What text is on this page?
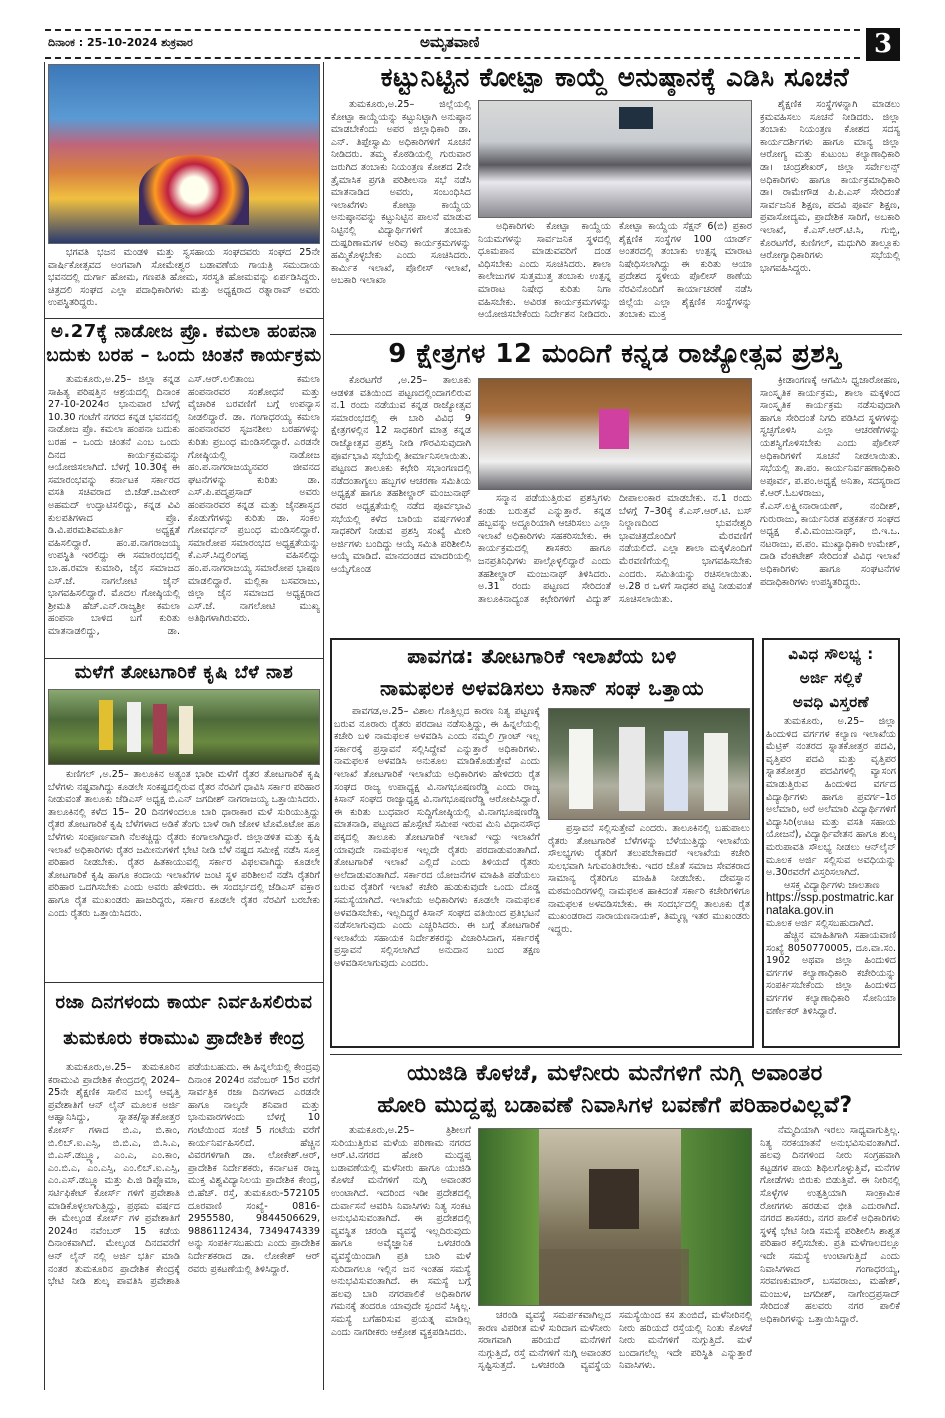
ದಿನಾಂಕ : 25-10-2024 ಶುಕ್ರವಾರ	ಅಮೃತವಾಣಿ	3
ಭಗವತಿ ಭಜನ ಮಂಡಳಿ ಮತ್ತು ಸ್ವಸಹಾಯ ಸಂಘದವರು ಸಂಘದ 25ನೇ ವಾರ್ಷಿಕೋತ್ಸವದ ಅಂಗವಾಗಿ ಸೋಮೇಶ್ವರ ಬಡಾವಣೆಯ ಗಾಯತ್ರಿ ಸಮುದಾಯ ಭವನದಲ್ಲಿ ದುರ್ಗಾ ಹೋಮ, ಗಣಪತಿ ಹೋಮ, ಸರಸ್ವತಿ ಹೋಮವನ್ನು ಏರ್ಪಡಿಸಿದ್ದರು. ಚಿತ್ರದಲಿ ಸಂಘದ ಎಲ್ಲಾ ಪದಾಧಿಕಾರಿಗಳು ಮತ್ತು ಅಧ್ಯಕ್ಷರಾದ ರತ್ನಾರಾವ್ ಅವರು ಉಪಸ್ಥಿತರಿದ್ದರು.
ಅ.27ಕ್ಕೆ ನಾಡೋಜ ಪ್ರೊ. ಕಮಲಾ ಹಂಪನಾ
ಬದುಕು ಬರಹ – ಒಂದು ಚಿಂತನೆ ಕಾರ್ಯಕ್ರಮ
ತುಮಕೂರು,ಅ.25– ಜಿಲ್ಲಾ ಕನ್ನಡ ಸಾಹಿತ್ಯ ಪರಿಷತ್ತಿನ ಆಶ್ರಯದಲ್ಲಿ ದಿನಾಂಕ 27-10-2024ರ ಭಾನುವಾರ ಬೆಳಗ್ಗೆ 10.30 ಗಂಟೆಗೆ ನಗರದ ಕನ್ನಡ ಭವನದಲ್ಲಿ ನಾಡೋಜ ಪ್ರೊ. ಕಮಲಾ ಹಂಪನಾ ಬದುಕು ಬರಹ – ಒಂದು ಚಿಂತನೆ ಎಂಬ ಒಂದು ದಿನದ ಕಾರ್ಯಕ್ರಮವನ್ನು ಆಯೋಜಿಸಲಾಗಿದೆ. ಬೆಳಗ್ಗೆ 10.30ಕ್ಕೆ ಈ ಸಮಾರಂಭವನ್ನು ಕರ್ನಾಟಕ ಸರ್ಕಾರದ ವಸತಿ ಸಚಿವರಾದ ಬಿ.ಜೆಡ್.ಜಮೀರ್ ಅಹಮದ್ ಉದ್ಘಾಟಿಸಲಿದ್ದು, ಕನ್ನಡ ವಿವಿ ಕುಲಪತಿಗಳಾದ ಪ್ರೊ. ಡಿ.ವಿ.ಪರಮಶಿವಮೂರ್ತಿ ಅಧ್ಯಕ್ಷತೆ ವಹಿಸಲಿದ್ದಾರೆ. ಹಂ.ಪ.ನಾಗರಾಜಯ್ಯ ಉಪಸ್ಥಿತಿ ಇರಲಿದ್ದು ಈ ಸಮಾರಂಭದಲ್ಲಿ ಬಾ.ಹ.ರಮಾ ಕುಮಾರಿ, ಜೈನ ಸಮಾಜದ ಎಸ್.ಜೆ. ನಾಗಲೋಟಿ ಜೈನ್ ಭಾಗವಹಿಸಲಿದ್ದಾರೆ. ಮೊದಲ ಗೋಷ್ಠಿಯಲ್ಲಿ ಶ್ರೀಮತಿ ಹೆಚ್.ಎನ್.ರಾಜ್ಯಶ್ರೀ ಕಮಲಾ ಹಂಪನಾ ಬಾಳಿದ ಬಗೆ ಕುರಿತು ಮಾತನಾಡಲಿದ್ದು, ಡಾ. ಎಸ್.ಆರ್.ಲಲಿತಾಂಬ ಕಮಲಾ ಹಂಪನಾರವರ ಸಂಶೋಧನೆ ಮತ್ತು ವೈಚಾರಿಕ ಬರವಣಿಗೆ ಬಗ್ಗೆ ಉಪನ್ಯಾಸ ನೀಡಲಿದ್ದಾರೆ. ಡಾ. ಗಂಗಾಧರಯ್ಯ ಕಮಲಾ ಹಂಪನಾರವರ ಸೃಜನಶೀಲ ಬರಹಗಳನ್ನು ಕುರಿತು ಪ್ರಬಂಧ ಮಂಡಿಸಲಿದ್ದಾರೆ. ಎರಡನೇ ಗೋಷ್ಠಿಯಲ್ಲಿ ನಾಡೋಜ ಹಂ.ಪ.ನಾಗರಾಜಯ್ಯನವರ ಜೀವನದ ಘಟನೆಗಳನ್ನು ಕುರಿತು ಡಾ. ಎಸ್.ಪಿ.ಪದ್ಮಪ್ರಸಾದ್ ಅವರು ಹಂಪನಾರವರ ಕನ್ನಡ ಮತ್ತು ಜೈನಶಾಸ್ತ್ರದ ಕೊಡುಗೆಗಳನ್ನು ಕುರಿತು ಡಾ. ಸಂಕಲ ಗೋವರ್ಧನ್ ಪ್ರಬಂಧ ಮಂಡಿಸಲಿದ್ದಾರೆ. ಸಮಾರೋಪ ಸಮಾರಂಭದ ಅಧ್ಯಕ್ಷತೆಯನ್ನು ಕೆ.ಎಸ್.ಸಿದ್ದಲಿಂಗಪ್ಪ ವಹಿಸಲಿದ್ದು ಹಂ.ಪ.ನಾಗರಾಜಯ್ಯ ಸಮಾರೋಪ ಭಾಷಣ ಮಾಡಲಿದ್ದಾರೆ. ಮಲ್ಲಿಕಾ ಬಸವರಾಜು, ಜಿಲ್ಲಾ ಜೈನ ಸಮಾಜದ ಅಧ್ಯಕ್ಷರಾದ ಎಸ್.ಜೆ. ನಾಗಲೋಟಿ ಮುಖ್ಯ ಅತಿಥಿಗಳಾಗಿರುವರು.
ಮಳೆಗೆ ತೋಟಗಾರಿಕೆ ಕೃಷಿ ಬೆಳೆ ನಾಶ
ಕುಣಿಗಲ್ ,ಅ.25– ತಾಲೂಕಿನ ಅತ್ಯಂತ ಭಾರೀ ಮಳೆಗೆ ರೈತರ ತೋಟಗಾರಿಕೆ ಕೃಷಿ ಬೆಳೆಗಳು ನಷ್ಟವಾಗಿದ್ದು ಕೂಡಲೇ ಸಂಕಷ್ಟದಲ್ಲಿರುವ ರೈತರ ನೆರವಿಗೆ ಧಾವಿಸಿ ಸರ್ಕಾರ ಪರಿಹಾರ ನೀಡುವಂತೆ ತಾಲೂಕು ಜೆಡಿಎಸ್ ಅಧ್ಯಕ್ಷ ಬಿ.ಎನ್ ಜಗದೀಶ್ ನಾಗರಾಜಯ್ಯ ಒತ್ತಾಯಿಸಿದರು. ತಾಲೂಕಿನಲ್ಲಿ ಕಳೆದ 15– 20 ದಿನಗಳಿಂದಲೂ ಬಾರಿ ಧಾರಾಕಾರ ಮಳೆ ಸುರಿಯುತ್ತಿದ್ದು ರೈತರ ತೋಟಗಾರಿಕೆ ಕೃಷಿ ಬೆಳೆಗಳಾದ ಅಡಿಕೆ ತೆಂಗು ಬಾಳೆ ರಾಗಿ ಜೋಳ ಟೊಮೊಟೋ ಹೂ ಬೆಳೆಗಳು ಸಂಪೂರ್ಣವಾಗಿ ನೆಲಕಚ್ಚಿದ್ದು ರೈತರು ಕಂಗಾಲಾಗಿದ್ದಾರೆ. ಜಿಲ್ಲಾಡಳಿತ ಮತ್ತು ಕೃಷಿ ಇಲಾಖೆ ಅಧಿಕಾರಿಗಳು ರೈತರ ಜಮೀನುಗಳಿಗೆ ಭೇಟಿ ನೀಡಿ ಬೆಳೆ ನಷ್ಟದ ಸಮೀಕ್ಷೆ ನಡೆಸಿ ಸೂಕ್ತ ಪರಿಹಾರ ನೀಡಬೇಕು. ರೈತರ ಹಿತಕಾಯುವಲ್ಲಿ ಸರ್ಕಾರ ವಿಫಲವಾಗಿದ್ದು ಕೂಡಲೇ ತೋಟಗಾರಿಕೆ ಕೃಷಿ ಹಾಗೂ ಕಂದಾಯ ಇಲಾಖೆಗಳ ಜಂಟಿ ಸ್ಥಳ ಪರಿಶೀಲನೆ ನಡೆಸಿ ರೈತರಿಗೆ ಪರಿಹಾರ ಒದಗಿಸಬೇಕು ಎಂದು ಅವರು ಹೇಳಿದರು. ಈ ಸಂದರ್ಭದಲ್ಲಿ ಜೆಡಿಎಸ್ ವಕ್ತಾರ ಹಾಗೂ ರೈತ ಮುಖಂಡರು ಹಾಜರಿದ್ದರು, ಸರ್ಕಾರ ಕೂಡಲೇ ರೈತರ ನೆರವಿಗೆ ಬರಬೇಕು ಎಂದು ರೈತರು ಒತ್ತಾಯಿಸಿದರು.
ರಜಾ ದಿನಗಳಂದು ಕಾರ್ಯ ನಿರ್ವಹಿಸಲಿರುವ
ತುಮಕೂರು ಕರಾಮುವಿ ಪ್ರಾದೇಶಿಕ ಕೇಂದ್ರ
ತುಮಕೂರು,ಅ.25– ತುಮಕೂರಿನ ಕರಾಮುವಿ ಪ್ರಾದೇಶಿಕ ಕೇಂದ್ರದಲ್ಲಿ 2024–25ನೇ ಶೈಕ್ಷಣಿಕ ಸಾಲಿನ ಜುಲೈ ಆವೃತ್ತಿ ಪ್ರವೇಶಾತಿಗೆ ಆನ್ ಲೈನ್ ಮೂಲಕ ಅರ್ಜಿ ಆಹ್ವಾನಿಸಿದ್ದು, ಸ್ನಾತಕ/ಸ್ನಾತಕೋತ್ತರ ಕೋರ್ಸ್ ಗಳಾದ ಬಿ.ಎ, ಬಿ.ಕಾಂ, ಬಿ.ಲಿಬ್.ಐ.ಎಸ್ಸಿ, ಬಿ.ಬಿ.ಎ, ಬಿ.ಸಿ.ಎ, ಬಿ.ಎಸ್.ಡಬ್ಲ್ಯೂ, ಎಂ.ಎ, ಎಂ.ಕಾಂ, ಎಂ.ಬಿ.ಎ, ಎಂ.ಎಸ್ಸಿ, ಎಂ.ಲಿಬ್.ಐ.ಎಸ್ಸಿ, ಎಂ.ಎಸ್.ಡಬ್ಲ್ಯೂ ಮತ್ತು ಪಿ.ಜಿ ಡಿಪ್ಲೊಮಾ, ಸರ್ಟಿಫಿಕೇಟ್ ಕೋರ್ಸ್ ಗಳಿಗೆ ಪ್ರವೇಶಾತಿ ಮಾಡಿಕೊಳ್ಳಲಾಗುತ್ತಿದ್ದು, ಪ್ರಥಮ ವರ್ಷದ ಈ ಮೇಲ್ಕಂಡ ಕೋರ್ಸ್ ಗಳ ಪ್ರವೇಶಾತಿಗೆ 2024ರ ನವೆಂಬರ್ 15 ಕಡೆಯ ದಿನಾಂಕವಾಗಿದೆ. ಮೇಲ್ಕಂಡ ದಿನದವರೆಗೆ ಆನ್ ಲೈನ್ ನಲ್ಲಿ ಅರ್ಜಿ ಭರ್ತಿ ಮಾಡಿ ನಂತರ ತುಮಕೂರಿನ ಪ್ರಾದೇಶಿಕ ಕೇಂದ್ರಕ್ಕೆ ಭೇಟಿ ನೀಡಿ ಶುಲ್ಕ ಪಾವತಿಸಿ ಪ್ರವೇಶಾತಿ ಪಡೆಯಬಹುದು. ಈ ಹಿನ್ನಲೆಯಲ್ಲಿ ಕೇಂದ್ರವು ದಿನಾಂಕ 2024ರ ನವೆಂಬರ್ 15ರ ವರೆಗೆ ಸಾರ್ವತ್ರಿಕ ರಜಾ ದಿನಗಳಾದ ಎರಡನೇ ಹಾಗೂ ನಾಲ್ಕನೇ ಶನಿವಾರ ಮತ್ತು ಭಾನುವಾರಗಳಂದು ಬೆಳಗ್ಗೆ 10 ಗಂಟೆಯಿಂದ ಸಂಜೆ 5 ಗಂಟೆಯ ವರೆಗೆ ಕಾರ್ಯನಿರ್ವಹಿಸಲಿದೆ. ಹೆಚ್ಚಿನ ವಿವರಗಳಿಗಾಗಿ ಡಾ. ಲೋಕೇಶ್.ಆರ್, ಪ್ರಾದೇಶಿಕ ನಿರ್ದೇಶಕರು, ಕರ್ನಾಟಕ ರಾಜ್ಯ ಮುಕ್ತ ವಿಶ್ವವಿದ್ಯಾನಿಲಯ ಪ್ರಾದೇಶಿಕ ಕೇಂದ್ರ, ಬಿ.ಹೆಚ್. ರಸ್ತೆ, ತುಮಕೂರು-572105 ದೂರವಾಣಿ ಸಂಖ್ಯೆ- 0816-2955580, 9844506629, 9886112434, 7349474339 ಅನ್ನು ಸಂಪರ್ಕಿಸಬಹುದು ಎಂದು ಪ್ರಾದೇಶಿಕ ನಿರ್ದೇಶಕರಾದ ಡಾ. ಲೋಕೇಶ್ ಆರ್ ರವರು ಪ್ರಕಟಣೆಯಲ್ಲಿ ತಿಳಿಸಿದ್ದಾರೆ.
ಕಟ್ಟುನಿಟ್ಟಿನ ಕೋಟ್ಪಾ ಕಾಯ್ದೆ ಅನುಷ್ಠಾನಕ್ಕೆ ಎಡಿಸಿ ಸೂಚನೆ
ತುಮಕೂರು,ಅ.25– ಜಿಲ್ಲೆಯಲ್ಲಿ ಕೋಟ್ಪಾ ಕಾಯ್ದೆಯನ್ನು ಕಟ್ಟುನಿಟ್ಟಾಗಿ ಅನುಷ್ಠಾನ ಮಾಡಬೇಕೆಂದು ಅಪರ ಜಿಲ್ಲಾಧಿಕಾರಿ ಡಾ. ಎನ್. ತಿಪ್ಪೇಸ್ವಾಮಿ ಅಧಿಕಾರಿಗಳಿಗೆ ಸೂಚನೆ ನೀಡಿದರು. ತಮ್ಮ ಕೊಠಡಿಯಲ್ಲಿ ಗುರುವಾರ ಜರುಗಿದ ತಂಬಾಕು ನಿಯಂತ್ರಣ ಕೋಶದ 2ನೇ ತ್ರೈಮಾಸಿಕ ಪ್ರಗತಿ ಪರಿಶೀಲನಾ ಸಭೆ ನಡೆಸಿ ಮಾತನಾಡಿದ ಅವರು, ಸಂಬಂಧಿಸಿದ ಇಲಾಖೆಗಳು ಕೋಟ್ಪಾ ಕಾಯ್ದೆಯ ಅನುಷ್ಠಾನವನ್ನು ಕಟ್ಟುನಿಟ್ಟಿನ ಪಾಲನೆ ಮಾಡುವ ನಿಟ್ಟಿನಲ್ಲಿ ವಿದ್ಯಾರ್ಥಿಗಳಿಗೆ ತಂಬಾಕು ದುಷ್ಪರಿಣಾಮಗಳ ಅರಿವು ಕಾರ್ಯಕ್ರಮಗಳನ್ನು ಹಮ್ಮಿಕೊಳ್ಳಬೇಕು ಎಂದು ಸೂಚಿಸಿದರು. ಕಾರ್ಮಿಕ ಇಲಾಖೆ, ಪೊಲೀಸ್ ಇಲಾಖೆ, ಅಬಕಾರಿ ಇಲಾಖಾ
ಅಧಿಕಾರಿಗಳು ಕೋಟ್ಪಾ ಕಾಯ್ದೆಯ ನಿಯಮಗಳನ್ನು ಸಾರ್ವಜನಿಕ ಸ್ಥಳದಲ್ಲಿ ಧೂಮಪಾನ ಮಾಡುವವರಿಗೆ ದಂಡ ವಿಧಿಸಬೇಕು ಎಂದು ಸೂಚಿಸಿದರು. ಶಾಲಾ ಕಾಲೇಜುಗಳ ಸುತ್ತಮುತ್ತ ತಂಬಾಕು ಉತ್ಪನ್ನ ಮಾರಾಟ ನಿಷೇಧ ಕುರಿತು ನಿಗಾ ವಹಿಸಬೇಕು. ಅವಿರತ ಕಾರ್ಯಕ್ರಮಗಳನ್ನು ಆಯೋಜಿಸಬೇಕೆಂದು ನಿರ್ದೇಶನ ನೀಡಿದರು. ಕೋಟ್ಪಾ ಕಾಯ್ದೆಯ ಸೆಕ್ಷನ್ 6(ಬಿ) ಪ್ರಕಾರ ಶೈಕ್ಷಣಿಕ ಸಂಸ್ಥೆಗಳ 100 ಯಾರ್ಡ್ ಅಂತರದಲ್ಲಿ ತಂಬಾಕು ಉತ್ಪನ್ನ ಮಾರಾಟ ನಿಷೇಧಿಸಲಾಗಿದ್ದು ಈ ಕುರಿತು ಆಯಾ ಪ್ರದೇಶದ ಸ್ಥಳೀಯ ಪೊಲೀಸ್ ಠಾಣೆಯ ನೆರವಿನೊಂದಿಗೆ ಕಾರ್ಯಾಚರಣೆ ನಡೆಸಿ ಜಿಲ್ಲೆಯ ಎಲ್ಲಾ ಶೈಕ್ಷಣಿಕ ಸಂಸ್ಥೆಗಳನ್ನು ತಂಬಾಕು ಮುಕ್ತ
ಶೈಕ್ಷಣಿಕ ಸಂಸ್ಥೆಗಳನ್ನಾಗಿ ಮಾಡಲು ಕ್ರಮವಹಿಸಲು ಸೂಚನೆ ನೀಡಿದರು. ಜಿಲ್ಲಾ ತಂಬಾಕು ನಿಯಂತ್ರಣ ಕೋಶದ ಸದಸ್ಯ ಕಾರ್ಯದರ್ಶಿಗಳು ಹಾಗೂ ಮಾನ್ಯ ಜಿಲ್ಲಾ ಆರೋಗ್ಯ ಮತ್ತು ಕುಟುಂಬ ಕಲ್ಯಾಣಾಧಿಕಾರಿ ಡಾ। ಚಂದ್ರಶೇಖರ್, ಜಿಲ್ಲಾ ಸರ್ವೇಲನ್ಸ್ ಅಧಿಕಾರಿಗಳು ಹಾಗೂ ಕಾರ್ಯಕ್ರಮಾಧಿಕಾರಿ ಡಾ। ರಾಮೇಗೌಡ ಪಿ.ಪಿ.ಎಸ್ ಸೇರಿದಂತೆ ಸಾರ್ವಜನಿಕ ಶಿಕ್ಷಣ, ಪದವಿ ಪೂರ್ವ ಶಿಕ್ಷಣ, ಪ್ರವಾಸೋದ್ಯಮ, ಪ್ರಾದೇಶಿಕ ಸಾರಿಗೆ, ಅಬಕಾರಿ ಇಲಾಖೆ, ಕೆ.ಎಸ್.ಆರ್.ಟಿ.ಸಿ, ಗುಬ್ಬಿ, ಕೊರಟಗೆರೆ, ಕುಣಿಗಲ್, ಮಧುಗಿರಿ ತಾಲ್ಲೂಕು ಆರೋಗ್ಯಾಧಿಕಾರಿಗಳು ಸಭೆಯಲ್ಲಿ ಭಾಗವಹಿಸಿದ್ದರು.
9 ಕ್ಷೇತ್ರಗಳ 12 ಮಂದಿಗೆ ಕನ್ನಡ ರಾಜ್ಯೋತ್ಸವ ಪ್ರಶಸ್ತಿ
ಕೊರಟಗೆರೆ ,ಅ.25– ತಾಲೂಕು ಆಡಳಿತ ವತಿಯಿಂದ ಪಟ್ಟಣದಲ್ಲಿಂದಾಗಲಿರುವ ನ.1 ರಂದು ನಡೆಯುವ ಕನ್ನಡ ರಾಜ್ಯೋತ್ಸವ ಸಮಾರಂಭದಲ್ಲಿ ಈ ಬಾರಿ ವಿವಿಧ 9 ಕ್ಷೇತ್ರಗಳಲ್ಲಿನ 12 ಸಾಧಕರಿಗೆ ಮಾತ್ರ ಕನ್ನಡ ರಾಜ್ಯೋತ್ಸವ ಪ್ರಶಸ್ತಿ ನೀಡಿ ಗೌರವಿಸುವುದಾಗಿ ಪೂರ್ವಭಾವಿ ಸಭೆಯಲ್ಲಿ ತೀರ್ಮಾನಿಸಲಾಯಿತು. ಪಟ್ಟಣದ ತಾಲೂಕು ಕಛೇರಿ ಸಭಾಂಗಣದಲ್ಲಿ ನಡೆದಂತಾಗ್ಯಲು ಹಬ್ಬಗಳ ಆಚರಣಾ ಸಮಿತಿಯ ಅಧ್ಯಕ್ಷತೆ ಹಾಗೂ ತಹಶೀಲ್ದಾರ್ ಮಂಜುನಾಥ್ ರವರ ಅಧ್ಯಕ್ಷತೆಯಲ್ಲಿ ನಡೆದ ಪೂರ್ವಭಾವಿ ಸಭೆಯಲ್ಲಿ ಕಳೆದ ಬಾರಿಯ ವರ್ಷಗಳಂತೆ ಸಾಧಕರಿಗೆ ನೀಡುವ ಪ್ರಶಸ್ತಿ ಸಂಖ್ಯೆ ಮೀರಿ ಅರ್ಜಿಗಳು ಬಂದಿದ್ದು ಆಯ್ಕೆ ಸಮಿತಿ ಪರಿಶೀಲಿಸಿ ಆಯ್ಕೆ ಮಾಡಿದೆ. ಮಾನದಂಡದ ಮಾದರಿಯಲ್ಲಿ ಆಯ್ಕೆಗೊಂಡ
ಸನ್ಮಾನ ಪಡೆಯುತ್ತಿರುವ ಪ್ರಶಸ್ತಿಗಳು ಕಂಡು ಬರುತ್ತವೆ ಎನ್ನುತ್ತಾರೆ. ಕನ್ನಡ ಹಬ್ಬವನ್ನು ಅದ್ದೂರಿಯಾಗಿ ಆಚರಿಸಲು ಎಲ್ಲಾ ಇಲಾಖೆ ಅಧಿಕಾರಿಗಳು ಸಹಕರಿಸಬೇಕು. ಈ ಕಾರ್ಯಕ್ರಮದಲ್ಲಿ ಶಾಸಕರು ಹಾಗೂ ಜನಪ್ರತಿನಿಧಿಗಳು ಪಾಲ್ಗೊಳ್ಳಲಿದ್ದಾರೆ ಎಂದು ತಹಶೀಲ್ದಾರ್ ಮಂಜುನಾಥ್ ತಿಳಿಸಿದರು. ಅ.31 ರಂದು ಪಟ್ಟಣದ ಸೇರಿದಂತೆ ತಾಲೂಕಿನಾದ್ಯಂತ ಕಛೇರಿಗಳಿಗೆ ವಿದ್ಯುತ್ ದೀಪಾಲಂಕಾರ ಮಾಡಬೇಕು. ನ.1 ರಂದು ಬೆಳಗ್ಗೆ 7–30ಕ್ಕೆ ಕೆ.ಎಸ್.ಆರ್.ಟಿ. ಬಸ್ ನಿಲ್ದಾಣದಿಂದ ಭುವನೇಶ್ವರಿ ಭಾವಚಿತ್ರದೊಂದಿಗೆ ಮೆರವಣಿಗೆ ನಡೆಯಲಿದೆ. ಎಲ್ಲಾ ಶಾಲಾ ಮಕ್ಕಳೊಂದಿಗೆ ಮೆರವಣಿಗೆಯಲ್ಲಿ ಭಾಗವಹಿಸಬೇಕು ಎಂದರು. ಸಮಿತಿಯನ್ನು ರಚಿಸಲಾಯಿತು. ಅ.28 ರ ಒಳಗೆ ಸಾಧಕರ ಪಟ್ಟಿ ನೀಡುವಂತೆ ಸೂಚಿಸಲಾಯಿತು.
ಕ್ರೀಡಾಂಗಣಕ್ಕೆ ಆಗಮಿಸಿ ಧ್ವಜಾರೋಹಣ, ಸಾಂಸ್ಕೃತಿಕ ಕಾರ್ಯಕ್ರಮ, ಶಾಲಾ ಮಕ್ಕಳಿಂದ ಸಾಂಸ್ಕೃತಿಕ ಕಾರ್ಯಕ್ರಮ ನಡೆಸುವುದಾಗಿ ಹಾಗೂ ಸೇರಿದಂತೆ ನಿಗದಿ ಪಡಿಸಿದ ಸ್ಥಳಗಳನ್ನು ಸ್ವಚ್ಛಗೊಳಿಸಿ ಎಲ್ಲಾ ಆಚರಣೆಗಳನ್ನು ಯಶಸ್ವಿಗೊಳಿಸಬೇಕು ಎಂದು ಪೊಲೀಸ್ ಅಧಿಕಾರಿಗಳಿಗೆ ಸೂಚನೆ ನೀಡಲಾಯಿತು. ಸಭೆಯಲ್ಲಿ ತಾ.ಪಂ. ಕಾರ್ಯನಿರ್ವಹಣಾಧಿಕಾರಿ ಅಪೂರ್ವ, ಪ.ಪಂ.ಅಧ್ಯಕ್ಷೆ ಅನಿತಾ, ಸದಸ್ಯರಾದ ಕೆ.ಆರ್.ಓಬಳರಾಜು, ಕೆ.ಎಸ್.ಲಕ್ಷ್ಮೀನಾರಾಯಣ್, ನಂದೀಶ್, ಗುರುರಾಜು, ಕಾರ್ಯನಿರತ ಪತ್ರಕರ್ತರ ಸಂಘದ ಅಧ್ಯಕ್ಷ ಕೆ.ವಿ.ಮಂಜುನಾಥ್, ಬಿ.ಇ.ಒ. ನಟರಾಜು, ಪ.ಪಂ. ಮುಖ್ಯಾಧಿಕಾರಿ ಉಮೇಶ್, ದಾಡಿ ವೆಂಕಟೇಶ್ ಸೇರಿದಂತೆ ವಿವಿಧ ಇಲಾಖೆ ಅಧಿಕಾರಿಗಳು ಹಾಗೂ ಸಂಘಟನೆಗಳ ಪದಾಧಿಕಾರಿಗಳು ಉಪಸ್ಥಿತರಿದ್ದರು.
ಪಾವಗಡ: ತೋಟಗಾರಿಕೆ ಇಲಾಖೆಯ ಬಳಿ
ನಾಮಫಲಕ ಅಳವಡಿಸಲು ಕಿಸಾನ್ ಸಂಘ ಒತ್ತಾಯ
ಪಾವಗಡ,ಅ.25– ವಿಶಾಲ ಗೊತ್ತಿಲ್ಲದ ಕಾರಣ ನಿತ್ಯ ಪಟ್ಟಣಕ್ಕೆ ಬರುವ ನೂರಾರು ರೈತರು ಪರದಾಟ ನಡೆಸುತ್ತಿದ್ದು, ಈ ಹಿನ್ನಲೆಯಲ್ಲಿ ಕಚೇರಿ ಬಳಿ ನಾಮಫಲಕ ಅಳವಡಿಸಿ ಎಂದು ನಮ್ಮಲಿ ಗ್ರಾಂಟ್ ಇಲ್ಲ ಸರ್ಕಾರಕ್ಕೆ ಪ್ರಸ್ತಾವನೆ ಸಲ್ಲಿಸಿದ್ದೇವೆ ಎನ್ನುತ್ತಾರೆ ಅಧಿಕಾರಿಗಳು. ನಾಮಫಲಕ ಅಳವಡಿಸಿ ಅನುಕೂಲ ಮಾಡಿಕೊಡುತ್ತೇವೆ ಎಂದು ಇಲಾಖೆ ತೋಟಗಾರಿಕೆ ಇಲಾಖೆಯ ಅಧಿಕಾರಿಗಳು ಹೇಳಿದರು ರೈತ ಸಂಘದ ರಾಜ್ಯ ಉಪಾಧ್ಯಕ್ಷ ವಿ.ನಾಗಭೂಷಣರೆಡ್ಡಿ ಎಂದು ರಾಜ್ಯ ಕಿಸಾನ್ ಸಂಘದ ರಾಜ್ಯಾಧ್ಯಕ್ಷ ವಿ.ನಾಗಭೂಷಣರೆಡ್ಡಿ ಆರೋಪಿಸಿದ್ದಾರೆ. ಈ ಕುರಿತು ಬುಧವಾರ ಸುದ್ದಿಗೋಷ್ಠಿಯಲ್ಲಿ ವಿ.ನಾಗಭೂಷಣರೆಡ್ಡಿ ಮಾತನಾಡಿ, ಪಟ್ಟಣದ ಹೊಸ್ಪೇಟೆ ಸಮೀಪ ಇರುವ ಮಿನಿ ವಿಧಾನಸೌಧ ಪಕ್ಕದಲ್ಲಿ ತಾಲೂಕು ತೋಟಗಾರಿಕೆ ಇಲಾಖೆ ಇದ್ದು ಇಲಾಖೆಗೆ ಯಾವುದೇ ನಾಮಫಲಕ ಇಲ್ಲದೇ ರೈತರು ಪರದಾಡುವಂತಾಗಿದೆ. ತೋಟಗಾರಿಕೆ ಇಲಾಖೆ ಎಲ್ಲಿದೆ ಎಂದು ತಿಳಿಯದೆ ರೈತರು ಅಲೆದಾಡುವಂತಾಗಿದೆ. ಸರ್ಕಾರದ ಯೋಜನೆಗಳ ಮಾಹಿತಿ ಪಡೆಯಲು ಬರುವ ರೈತರಿಗೆ ಇಲಾಖೆ ಕಚೇರಿ ಹುಡುಕುವುದೇ ಒಂದು ದೊಡ್ಡ ಸಮಸ್ಯೆಯಾಗಿದೆ. ಇಲಾಖೆಯ ಅಧಿಕಾರಿಗಳು ಕೂಡಲೇ ನಾಮಫಲಕ ಅಳವಡಿಸಬೇಕು, ಇಲ್ಲದಿದ್ದರೆ ಕಿಸಾನ್ ಸಂಘದ ವತಿಯಿಂದ ಪ್ರತಿಭಟನೆ ನಡೆಸಲಾಗುವುದು ಎಂದು ಎಚ್ಚರಿಸಿದರು. ಈ ಬಗ್ಗೆ ತೋಟಗಾರಿಕೆ ಇಲಾಖೆಯ ಸಹಾಯಕ ನಿರ್ದೇಶಕರನ್ನು ವಿಚಾರಿಸಿದಾಗ, ಸರ್ಕಾರಕ್ಕೆ ಪ್ರಸ್ತಾವನೆ ಸಲ್ಲಿಸಲಾಗಿದೆ ಅನುದಾನ ಬಂದ ತಕ್ಷಣ ಅಳವಡಿಸಲಾಗುವುದು ಎಂದರು.
ಪ್ರಸ್ತಾವನೆ ಸಲ್ಲಿಸುತ್ತೇವೆ ಎಂದರು. ತಾಲೂಕಿನಲ್ಲಿ ಬಹುಪಾಲು ರೈತರು ತೋಟಗಾರಿಕೆ ಬೆಳೆಗಳನ್ನು ಬೆಳೆಯುತ್ತಿದ್ದು ಇಲಾಖೆಯ ಸೌಲಭ್ಯಗಳು ರೈತರಿಗೆ ತಲುಪಬೇಕಾದರೆ ಇಲಾಖೆಯ ಕಚೇರಿ ಸುಲಭವಾಗಿ ಸಿಗುವಂತಿರಬೇಕು. ಇದರ ಜೊತೆ ಸಮಾಜ ಸೇವಕರಾದ ಸಾಮಾನ್ಯ ರೈತರಿಗೂ ಮಾಹಿತಿ ನೀಡಬೇಕು. ದೇವಸ್ಥಾನ ಮಠಮಂದಿರಗಳಲ್ಲಿ ನಾಮಫಲಕ ಹಾಕಿದಂತೆ ಸರ್ಕಾರಿ ಕಚೇರಿಗಳಿಗೂ ನಾಮಫಲಕ ಅಳವಡಿಸಬೇಕು. ಈ ಸಂದರ್ಭದಲ್ಲಿ ತಾಲೂಕು ರೈತ ಮುಖಂಡರಾದ ನಾರಾಯಣನಾಯಕ್, ತಿಮ್ಮಣ್ಣ ಇತರ ಮುಖಂಡರು ಇದ್ದರು.
ವಿವಿಧ ಸೌಲಭ್ಯ :
ಅರ್ಜಿ ಸಲ್ಲಿಕೆ
ಅವಧಿ ವಿಸ್ತರಣೆ

ತುಮಕೂರು, ಅ.25– ಜಿಲ್ಲಾ ಹಿಂದುಳಿದ ವರ್ಗಗಳ ಕಲ್ಯಾಣ ಇಲಾಖೆಯ ಮೆಟ್ರಿಕ್ ನಂತರದ ಸ್ನಾತಕೋತ್ತರ ಪದವಿ, ವೃತ್ತಿಪರ ಪದವಿ ಮತ್ತು ವೃತ್ತಿಪರ ಸ್ನಾತಕೋತ್ತರ ಪದವಿಗಳಲ್ಲಿ ವ್ಯಾಸಂಗ ಮಾಡುತ್ತಿರುವ ಹಿಂದುಳಿದ ವರ್ಗದ ವಿದ್ಯಾರ್ಥಿಗಳು ಹಾಗೂ ಪ್ರವರ್ಗ–1ರ ಅಲೆಮಾರಿ, ಅರೆ ಅಲೆಮಾರಿ ವಿದ್ಯಾರ್ಥಿಗಳಿಗೆ ವಿದ್ಯಾಸಿರಿ(ಊಟ ಮತ್ತು ವಸತಿ ಸಹಾಯ ಯೋಜನೆ), ವಿದ್ಯಾರ್ಥಿವೇತನ ಹಾಗೂ ಶುಲ್ಕ ಮರುಪಾವತಿ ಸೌಲಭ್ಯ ನೀಡಲು ಆನ್‌ಲೈನ್ ಮೂಲಕ ಅರ್ಜಿ ಸಲ್ಲಿಸುವ ಅವಧಿಯನ್ನು ಅ.30ರವರೆಗೆ ವಿಸ್ತರಿಸಲಾಗಿದೆ.

ಆಸಕ್ತ ವಿದ್ಯಾರ್ಥಿಗಳು ಜಾಲತಾಣ
https://ssp.postmatric.karnataka.gov.in
ಮೂಲಕ ಅರ್ಜಿ ಸಲ್ಲಿಸಬಹುದಾಗಿದೆ.

ಹೆಚ್ಚಿನ ಮಾಹಿತಿಗಾಗಿ ಸಹಾಯವಾಣಿ ಸಂಖ್ಯೆ 8050770005, ದೂ.ವಾ.ಸಂ. 1902 ಅಥವಾ ಜಿಲ್ಲಾ ಹಿಂದುಳಿದ ವರ್ಗಗಳ ಕಲ್ಯಾಣಾಧಿಕಾರಿ ಕಚೇರಿಯನ್ನು ಸಂಪರ್ಕಿಸಬೇಕೆಂದು ಜಿಲ್ಲಾ ಹಿಂದುಳಿದ ವರ್ಗಗಳ ಕಲ್ಯಾಣಾಧಿಕಾರಿ ಸೋನಿಯಾ ವರ್ಣೇಕರ್ ತಿಳಿಸಿದ್ದಾರೆ.

ಯುಜಿಡಿ ಕೊಳಚೆ, ಮಳೆನೀರು ಮನೆಗಳಿಗೆ ನುಗ್ಗಿ ಅವಾಂತರ
ಹೋರಿ ಮುದ್ದಪ್ಪ ಬಡಾವಣೆ ನಿವಾಸಿಗಳ ಬವಣೆಗೆ ಪರಿಹಾರವಿಲ್ಲವೆ?
ತುಮಕೂರು,ಅ.25– ತ್ರಿಶೀಲಗೆ ಸುರಿಯುತ್ತಿರುವ ಮಳೆಯ ಪರಿಣಾಮ ನಗರದ ಆರ್.ಟಿ.ನಗರದ ಹೋರಿ ಮುದ್ದಪ್ಪ ಬಡಾವಣೆಯಲ್ಲಿ ಮಳೆನೀರು ಹಾಗೂ ಯುಜಿಡಿ ಕೊಳಚೆ ಮನೆಗಳಿಗೆ ನುಗ್ಗಿ ಅವಾಂತರ ಉಂಟಾಗಿದೆ. ಇದರಿಂದ ಇಡೀ ಪ್ರದೇಶದಲ್ಲಿ ದುರ್ವಾಸನೆ ಆವರಿಸಿ ನಿವಾಸಿಗಳು ನಿತ್ಯ ಸಂಕಟ ಅನುಭವಿಸುವಂತಾಗಿದೆ. ಈ ಪ್ರದೇಶದಲ್ಲಿ ವ್ಯವಸ್ಥಿತ ಚರಂಡಿ ವ್ಯವಸ್ಥೆ ಇಲ್ಲದಿರುವುದು ಹಾಗೂ ಅವೈಜ್ಞಾನಿಕ ಒಳಚರಂಡಿ ವ್ಯವಸ್ಥೆಯಿಂದಾಗಿ ಪ್ರತಿ ಬಾರಿ ಮಳೆ ಸುರಿದಾಗಲೂ ಇಲ್ಲಿನ ಜನ ಇಂತಹ ಸಮಸ್ಯೆ ಅನುಭವಿಸುವಂತಾಗಿದೆ. ಈ ಸಮಸ್ಯೆ ಬಗ್ಗೆ ಹಲವು ಬಾರಿ ನಗರಪಾಲಿಕೆ ಅಧಿಕಾರಿಗಳ ಗಮನಕ್ಕೆ ತಂದರೂ ಯಾವುದೇ ಸ್ಪಂದನೆ ಸಿಕ್ಕಿಲ್ಲ. ಸಮಸ್ಯೆ ಬಗೆಹರಿಸುವ ಪ್ರಯತ್ನ ಮಾಡಿಲ್ಲ ಎಂದು ನಾಗರೀಕರು ಆಕ್ರೋಶ ವ್ಯಕ್ತಪಡಿಸಿದರು.
ಚರಂಡಿ ವ್ಯವಸ್ಥೆ ಸಮರ್ಪಕವಾಗಿಲ್ಲದ ಕಾರಣ ವಿಪರೀತ ಮಳೆ ಸುರಿದಾಗ ಮಳೆನೀರು ಸರಾಗವಾಗಿ ಹರಿಯದೆ ಮನೆಗಳಿಗೆ ನುಗ್ಗುತ್ತಿದೆ, ರಸ್ತೆ ಮನೆಗಳಿಗೆ ನುಗ್ಗಿ ಅವಾಂತರ ಸೃಷ್ಟಿಸುತ್ತದೆ. ಒಳಚರಂಡಿ ವ್ಯವಸ್ಥೆಯ ಸಮಸ್ಯೆಯಿಂದ ಕಸ ತುಂಬಿದೆ, ಮಳೆನೀರಿನಲ್ಲಿ ನೀರು ಹರಿಯದೆ ರಸ್ತೆಯಲ್ಲಿ ನಿಂತು ಕೊಳಚೆ ನೀರು ಮನೆಗಳಿಗೆ ನುಗ್ಗುತ್ತಿದೆ. ಮಳೆ ಬಂದಾಗಲೆಲ್ಲ ಇದೇ ಪರಿಸ್ಥಿತಿ ಎನ್ನುತ್ತಾರೆ ನಿವಾಸಿಗಳು.
ನೆಮ್ಮದಿಯಾಗಿ ಇರಲು ಸಾಧ್ಯವಾಗುತ್ತಿಲ್ಲ. ನಿತ್ಯ ನರಕಯಾತನೆ ಅನುಭವಿಸುವಂತಾಗಿದೆ. ಹಲವು ದಿನಗಳಿಂದ ನೀರು ಸಂಗ್ರಹವಾಗಿ ಕಟ್ಟಡಗಳ ಪಾಯ ಶಿಥಿಲಗೊಳ್ಳುತ್ತಿವೆ, ಮನೆಗಳ ಗೋಡೆಗಳು ಬಿರುಕು ಬಿಡುತ್ತಿವೆ. ಈ ನೀರಿನಲ್ಲಿ ಸೊಳ್ಳೆಗಳ ಉತ್ಪತ್ತಿಯಾಗಿ ಸಾಂಕ್ರಾಮಿಕ ರೋಗಗಳು ಹರಡುವ ಭೀತಿ ಎದುರಾಗಿದೆ. ನಗರದ ಶಾಸಕರು, ನಗರ ಪಾಲಿಕೆ ಅಧಿಕಾರಿಗಳು ಸ್ಥಳಕ್ಕೆ ಭೇಟಿ ನೀಡಿ ಸಮಸ್ಯೆ ಪರಿಶೀಲಿಸಿ ಶಾಶ್ವತ ಪರಿಹಾರ ಕಲ್ಪಿಸಬೇಕು. ಪ್ರತಿ ಮಳೆಗಾಲದಲ್ಲೂ ಇದೇ ಸಮಸ್ಯೆ ಉಂಟಾಗುತ್ತಿದೆ ಎಂದು ನಿವಾಸಿಗಳಾದ ಗಂಗಾಧರಯ್ಯ, ಸರವಣಕುಮಾರ್, ಬಸವರಾಜು, ಮಹೇಶ್, ಮಂಜುಳ, ಜಗದೀಶ್, ನಾಗೇಂದ್ರಪ್ರಸಾದ್ ಸೇರಿದಂತೆ ಹಲವರು ನಗರ ಪಾಲಿಕೆ ಅಧಿಕಾರಿಗಳನ್ನು ಒತ್ತಾಯಿಸಿದ್ದಾರೆ.
